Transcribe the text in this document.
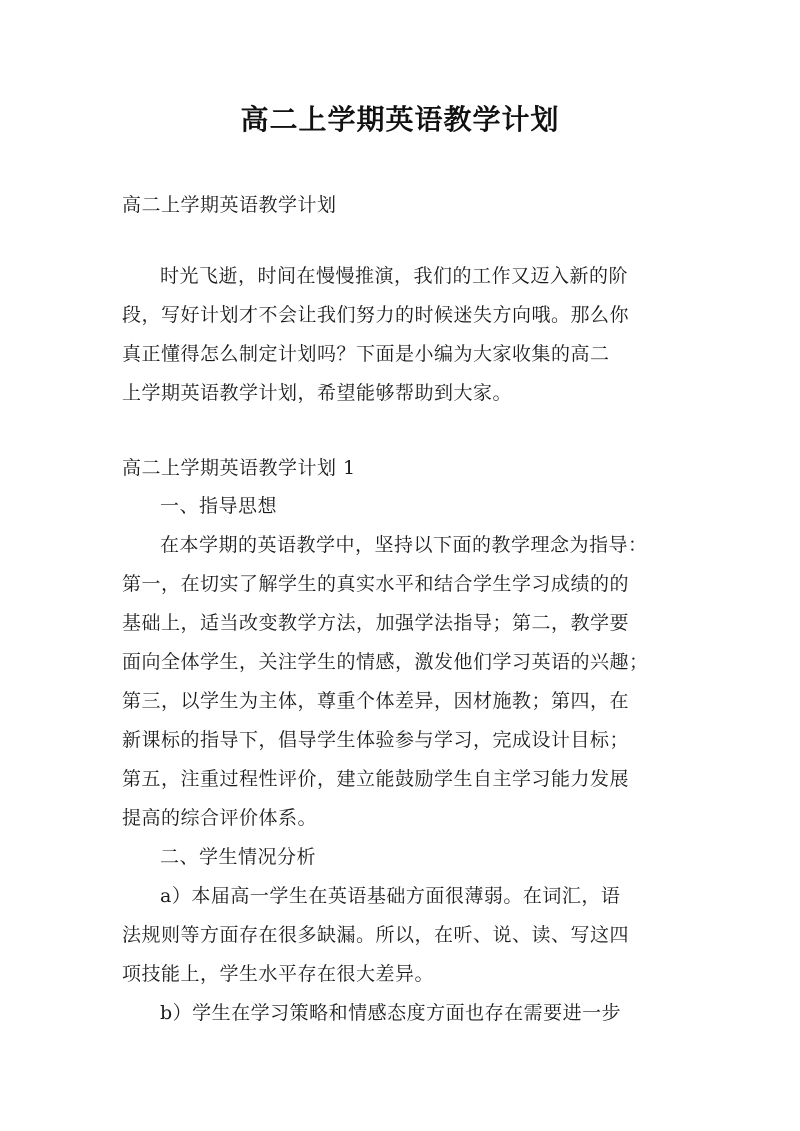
高二上学期英语教学计划
高二上学期英语教学计划
时光飞逝，时间在慢慢推演，我们的工作又迈入新的阶
段，写好计划才不会让我们努力的时候迷失方向哦。那么你
真正懂得怎么制定计划吗？下面是小编为大家收集的高二
上学期英语教学计划，希望能够帮助到大家。
高二上学期英语教学计划 1
一、指导思想
在本学期的英语教学中，坚持以下面的教学理念为指导：
第一，在切实了解学生的真实水平和结合学生学习成绩的的
基础上，适当改变教学方法，加强学法指导；第二，教学要
面向全体学生，关注学生的情感，激发他们学习英语的兴趣；
第三，以学生为主体，尊重个体差异，因材施教；第四，在
新课标的指导下，倡导学生体验参与学习，完成设计目标；
第五，注重过程性评价，建立能鼓励学生自主学习能力发展
提高的综合评价体系。
二、学生情况分析
a）本届高一学生在英语基础方面很薄弱。在词汇，语
法规则等方面存在很多缺漏。所以，在听、说、读、写这四
项技能上，学生水平存在很大差异。
b）学生在学习策略和情感态度方面也存在需要进一步
